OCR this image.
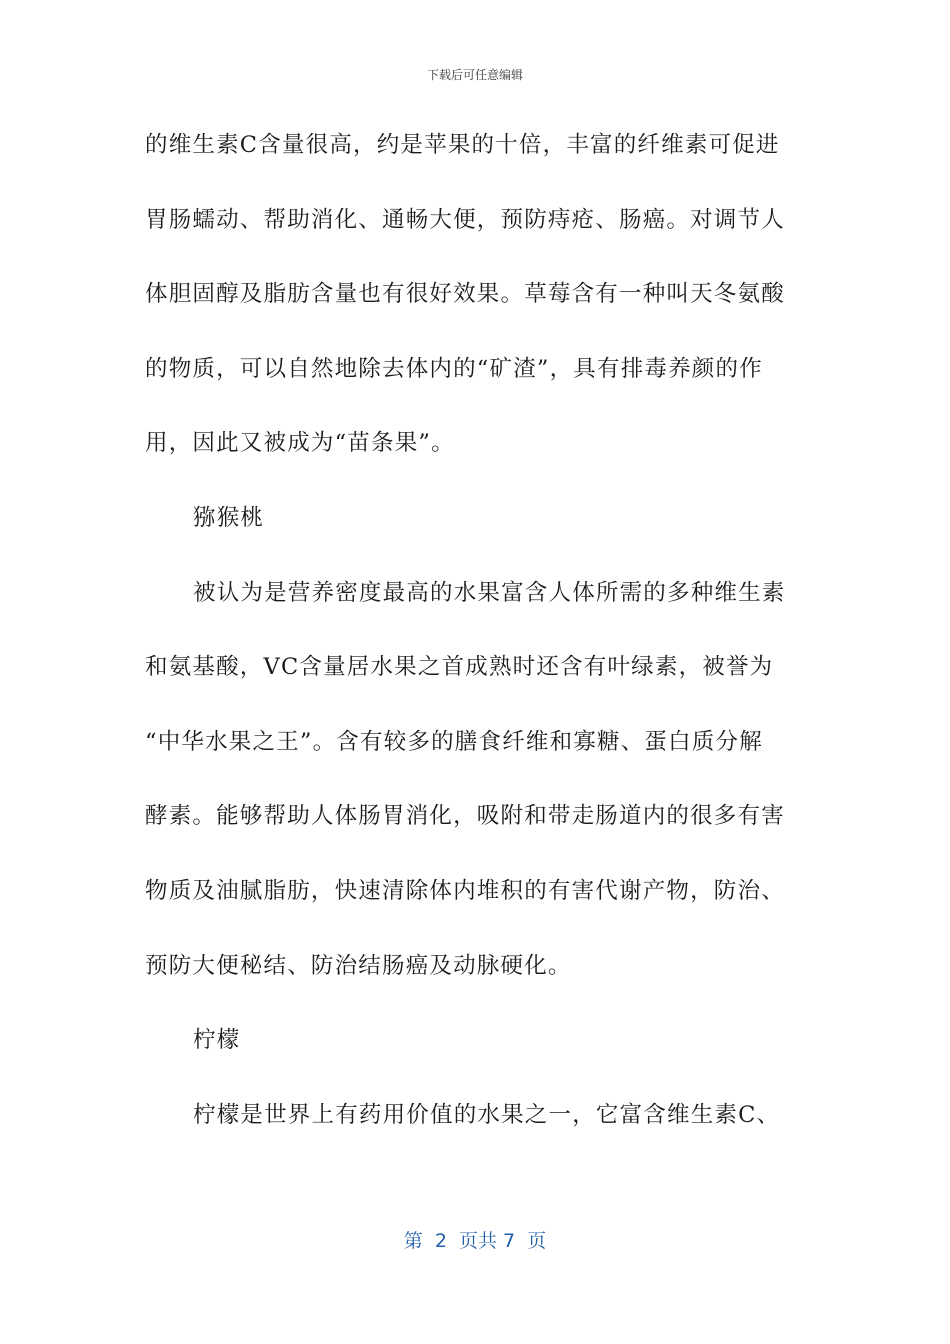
下载后可任意编辑
的维生素C含量很高，约是苹果的十倍，丰富的纤维素可促进
胃肠蠕动、帮助消化、通畅大便，预防痔疮、肠癌。对调节人
体胆固醇及脂肪含量也有很好效果。草莓含有一种叫天冬氨酸
的物质，可以自然地除去体内的“矿渣”，具有排毒养颜的作
用，因此又被成为“苗条果”。
猕猴桃
被认为是营养密度最高的水果富含人体所需的多种维生素
和氨基酸，VC含量居水果之首成熟时还含有叶绿素，被誉为
“中华水果之王”。含有较多的膳食纤维和寡糖、蛋白质分解
酵素。能够帮助人体肠胃消化，吸附和带走肠道内的很多有害
物质及油腻脂肪，快速清除体内堆积的有害代谢产物，防治、
预防大便秘结、防治结肠癌及动脉硬化。
柠檬
柠檬是世界上有药用价值的水果之一，它富含维生素C、
第  2  页共 7  页
